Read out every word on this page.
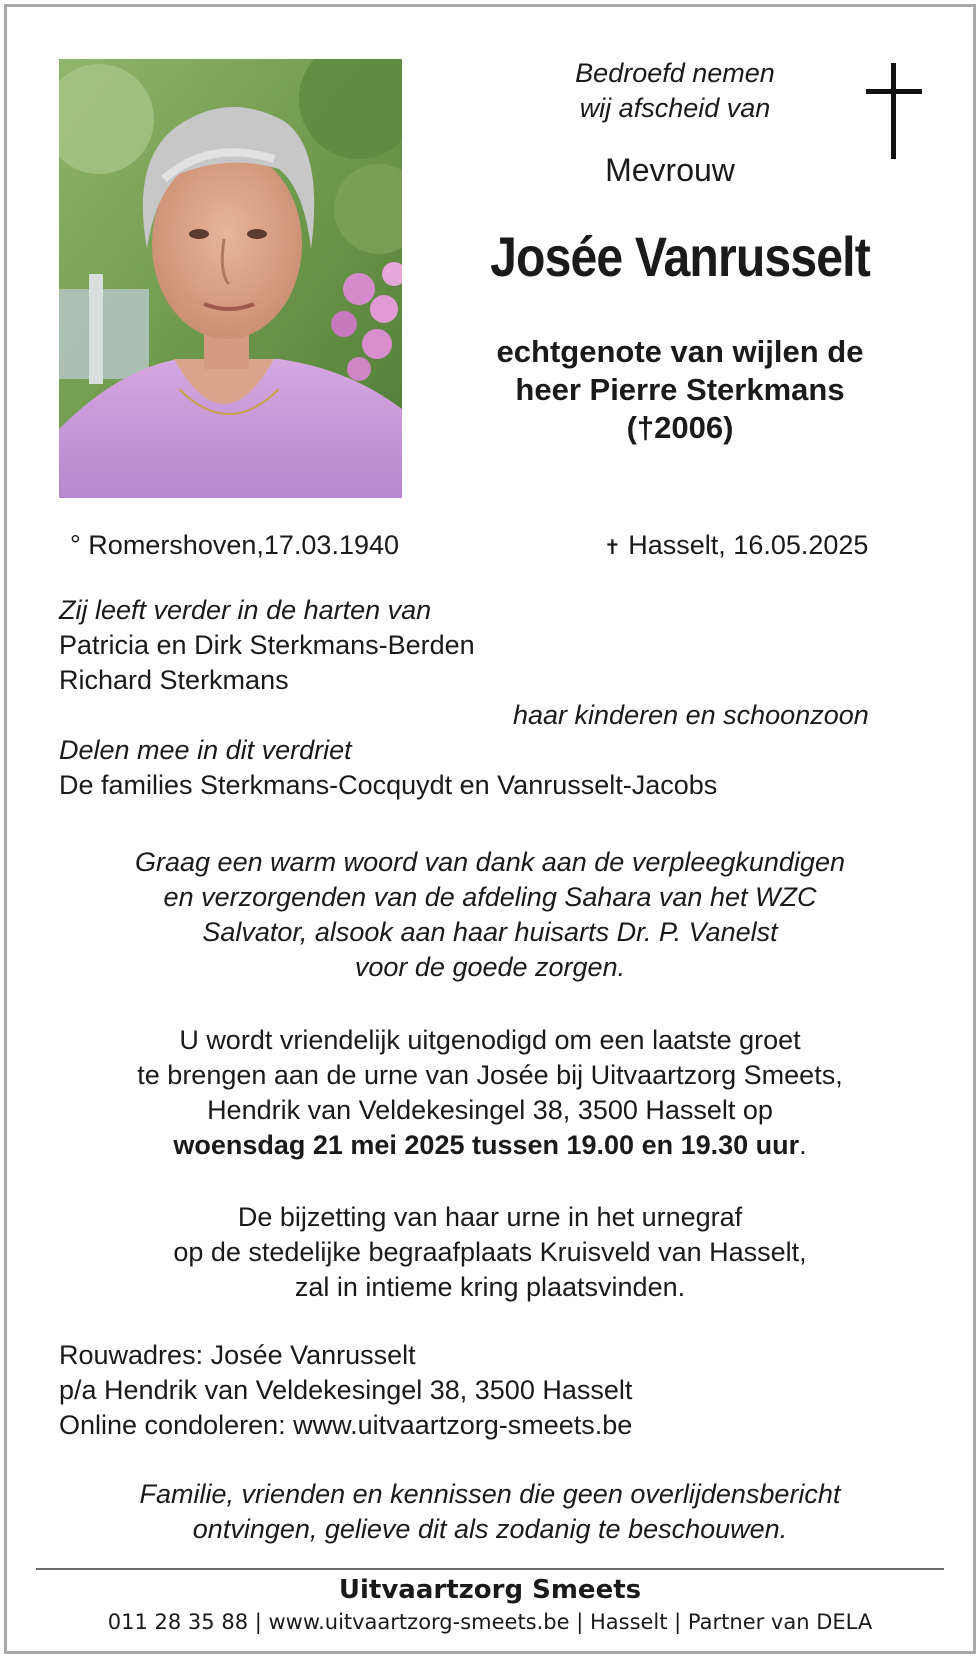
Bedroefd nemen
wij afscheid van
Mevrouw
Josée Vanrusselt
echtgenote van wijlen de
heer Pierre Sterkmans
(†2006)
° Romershoven,17.03.1940	✝ Hasselt, 16.05.2025
Zij leeft verder in de harten van
Patricia en Dirk Sterkmans-Berden
Richard Sterkmans
haar kinderen en schoonzoon
Delen mee in dit verdriet
De families Sterkmans-Cocquydt en Vanrusselt-Jacobs
Graag een warm woord van dank aan de verpleegkundigen
en verzorgenden van de afdeling Sahara van het WZC
Salvator, alsook aan haar huisarts Dr. P. Vanelst
voor de goede zorgen.
U wordt vriendelijk uitgenodigd om een laatste groet
te brengen aan de urne van Josée bij Uitvaartzorg Smeets,
Hendrik van Veldekesingel 38, 3500 Hasselt op
woensdag 21 mei 2025 tussen 19.00 en 19.30 uur.
De bijzetting van haar urne in het urnegraf
op de stedelijke begraafplaats Kruisveld van Hasselt,
zal in intieme kring plaatsvinden.
Rouwadres: Josée Vanrusselt
p/a Hendrik van Veldekesingel 38, 3500 Hasselt
Online condoleren: www.uitvaartzorg-smeets.be
Familie, vrienden en kennissen die geen overlijdensbericht
ontvingen, gelieve dit als zodanig te beschouwen.
Uitvaartzorg Smeets
011 28 35 88 | www.uitvaartzorg-smeets.be | Hasselt | Partner van DELA
